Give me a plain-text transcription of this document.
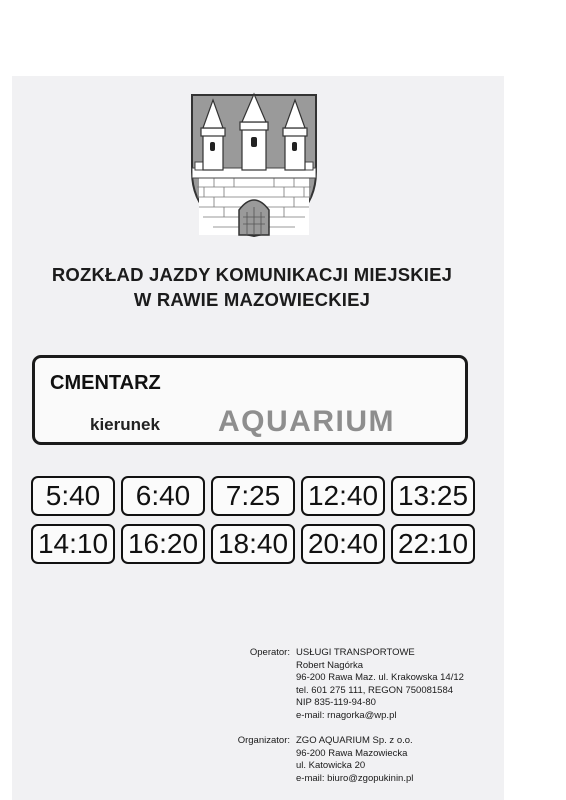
ROZKŁAD JAZDY KOMUNIKACJI MIEJSKIEJ
W RAWIE MAZOWIECKIEJ
CMENTARZ
kierunek AQUARIUM
5:40	6:40	7:25 12:40 13:25
14:10 16:20 18:40 20:40 22:10
Operator: USŁUGI TRANSPORTOWE
Robert Nagórka
96-200 Rawa Maz. ul. Krakowska 14/12
tel. 601 275 111, REGON 750081584
NIP 835-119-94-80
e-mail: rnagorka@wp.pl
Organizator: ZGO AQUARIUM Sp. z o.o.
96-200 Rawa Mazowiecka
ul. Katowicka 20
e-mail: biuro@zgopukinin.pl
